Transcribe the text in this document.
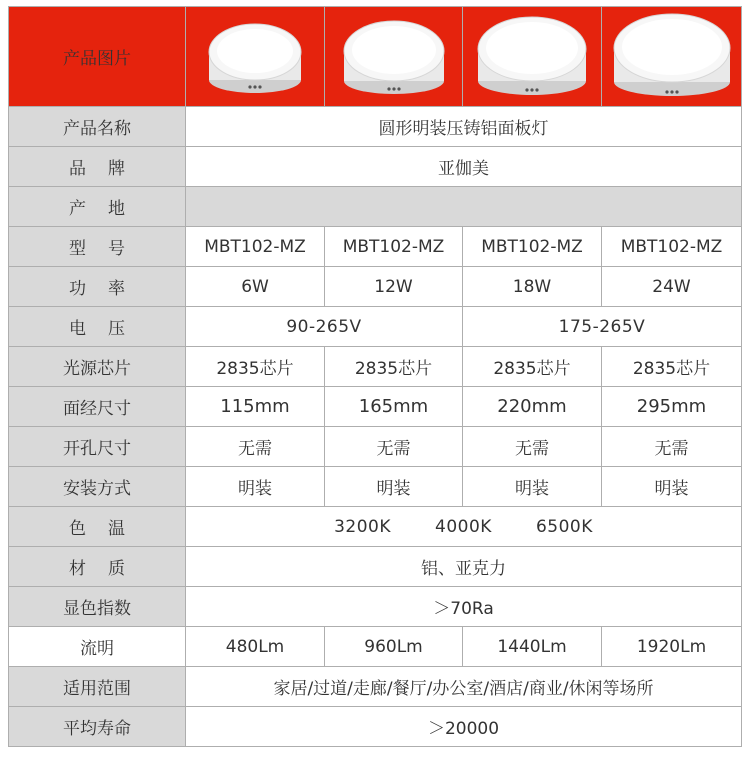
产品图片	

产品名称	圆形明装压铸铝面板灯			
品牌	亚伽美			
产地				
型号	MBT102-MZ	MBT102-MZ	MBT102-MZ	MBT102-MZ
功率	6W	12W	18W	24W
电压	90-265V		175-265V	
光源芯片	2835芯片	2835芯片	2835芯片	2835芯片
面经尺寸	115mm	165mm	220mm	295mm
开孔尺寸	无需	无需	无需	无需
安装方式	明装	明装	明装	明装
色温	3200K 4000K 6500K			
材质	铝、亚克力			
显色指数	＞70Ra			
流明	480Lm	960Lm	1440Lm	1920Lm
适用范围	家居/过道/走廊/餐厅/办公室/酒店/商业/休闲等场所			
平均寿命	＞20000			
